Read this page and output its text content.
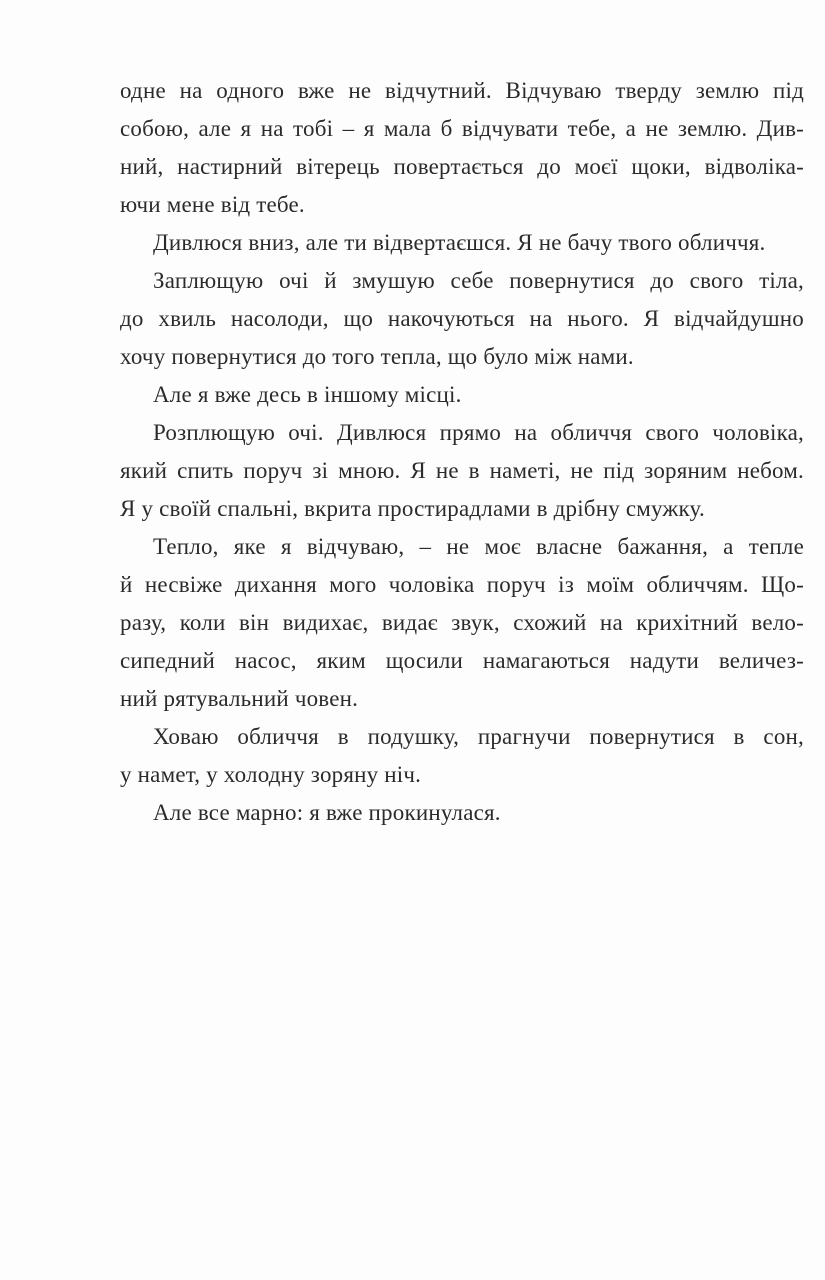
одне на одного вже не відчутний. Відчуваю тверду землю під
собою, але я на тобі – я мала б відчувати тебе, а не землю. Див-
ний, настирний вітерець повертається до моєї щоки, відволіка-
ючи мене від тебе.
Дивлюся вниз, але ти відвертаєшся. Я не бачу твого обличчя.
Заплющую очі й змушую себе повернутися до свого тіла,
до хвиль насолоди, що накочуються на нього. Я відчайдушно
хочу повернутися до того тепла, що було між нами.
Але я вже десь в іншому місці.
Розплющую очі. Дивлюся прямо на обличчя свого чоловіка,
який спить поруч зі мною. Я не в наметі, не під зоряним небом.
Я у своїй спальні, вкрита простирадлами в дрібну смужку.
Тепло, яке я відчуваю, – не моє власне бажання, а тепле
й несвіже дихання мого чоловіка поруч із моїм обличчям. Що-
разу, коли він видихає, видає звук, схожий на крихітний вело-
сипедний насос, яким щосили намагаються надути величез-
ний рятувальний човен.
Ховаю обличчя в подушку, прагнучи повернутися в сон,
у намет, у холодну зоряну ніч.
Але все марно: я вже прокинулася.
